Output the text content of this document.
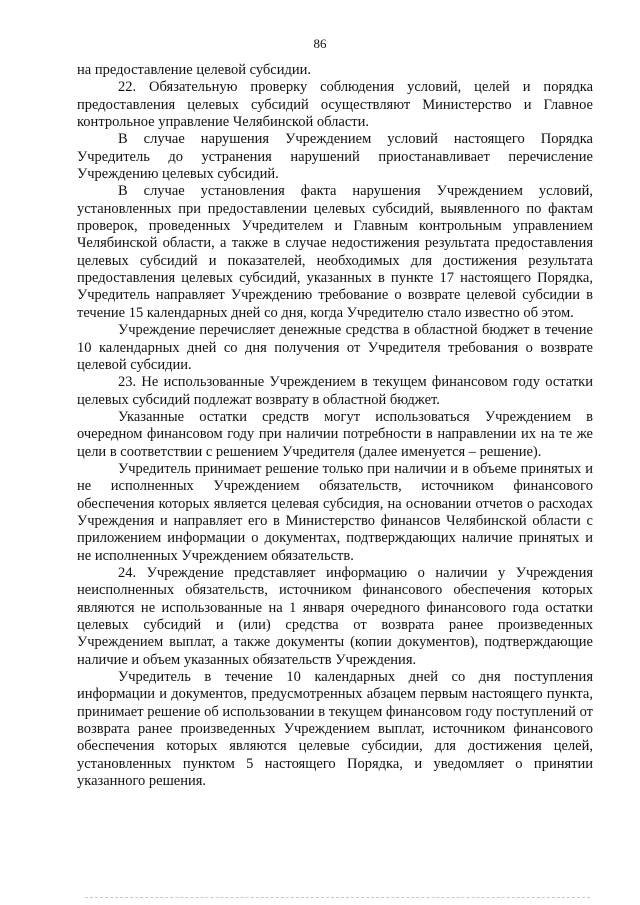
86

на предоставление целевой субсидии.

22. Обязательную проверку соблюдения условий, целей и порядка предоставления целевых субсидий осуществляют Министерство и Главное контрольное управление Челябинской области.

В случае нарушения Учреждением условий настоящего Порядка Учредитель до устранения нарушений приостанавливает перечисление Учреждению целевых субсидий.

В случае установления факта нарушения Учреждением условий, установленных при предоставлении целевых субсидий, выявленного по фактам проверок, проведенных Учредителем и Главным контрольным управлением Челябинской области, а также в случае недостижения результата предоставления целевых субсидий и показателей, необходимых для достижения результата предоставления целевых субсидий, указанных в пункте 17 настоящего Порядка, Учредитель направляет Учреждению требование о возврате целевой субсидии в течение 15 календарных дней со дня, когда Учредителю стало известно об этом.

Учреждение перечисляет денежные средства в областной бюджет в течение 10 календарных дней со дня получения от Учредителя требования о возврате целевой субсидии.

23. Не использованные Учреждением в текущем финансовом году остатки целевых субсидий подлежат возврату в областной бюджет.

Указанные остатки средств могут использоваться Учреждением в очередном финансовом году при наличии потребности в направлении их на те же цели в соответствии с решением Учредителя (далее именуется – решение).

Учредитель принимает решение только при наличии и в объеме принятых и не исполненных Учреждением обязательств, источником финансового обеспечения которых является целевая субсидия, на основании отчетов о расходах Учреждения и направляет его в Министерство финансов Челябинской области с приложением информации о документах, подтверждающих наличие принятых и не исполненных Учреждением обязательств.

24. Учреждение представляет информацию о наличии у Учреждения неисполненных обязательств, источником финансового обеспечения которых являются не использованные на 1 января очередного финансового года остатки целевых субсидий и (или) средства от возврата ранее произведенных Учреждением выплат, а также документы (копии документов), подтверждающие наличие и объем указанных обязательств Учреждения.

Учредитель в течение 10 календарных дней со дня поступления информации и документов, предусмотренных абзацем первым настоящего пункта, принимает решение об использовании в текущем финансовом году поступлений от возврата ранее произведенных Учреждением выплат, источником финансового обеспечения которых являются целевые субсидии, для достижения целей, установленных пунктом 5 настоящего Порядка, и уведомляет о принятии указанного решения.
